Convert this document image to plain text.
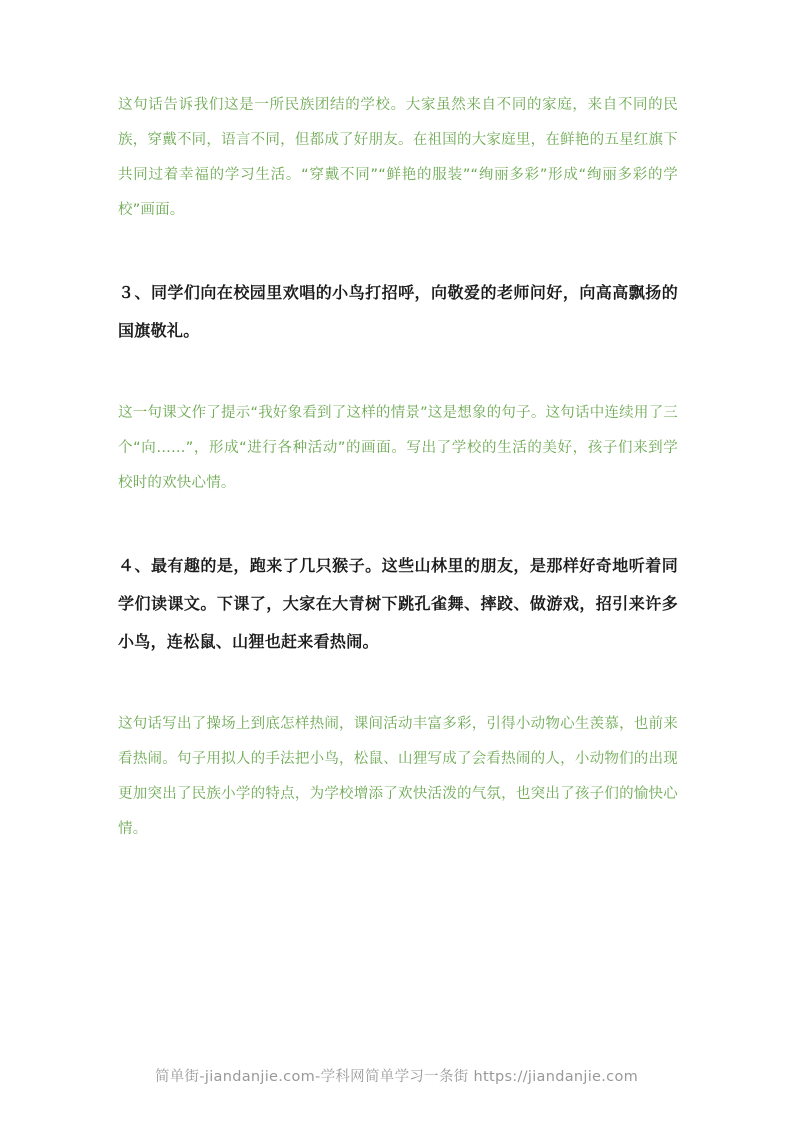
这句话告诉我们这是一所民族团结的学校。大家虽然来自不同的家庭，来自不同的民族，穿戴不同，语言不同，但都成了好朋友。在祖国的大家庭里，在鲜艳的五星红旗下共同过着幸福的学习生活。“穿戴不同”“鲜艳的服装”“绚丽多彩”形成“绚丽多彩的学校”画面。

３、同学们向在校园里欢唱的小鸟打招呼，向敬爱的老师问好，向高高飘扬的国旗敬礼。

这一句课文作了提示“我好象看到了这样的情景”这是想象的句子。这句话中连续用了三个“向……”，形成“进行各种活动”的画面。写出了学校的生活的美好，孩子们来到学校时的欢快心情。

４、最有趣的是，跑来了几只猴子。这些山林里的朋友，是那样好奇地听着同学们读课文。下课了，大家在大青树下跳孔雀舞、摔跤、做游戏，招引来许多小鸟，连松鼠、山狸也赶来看热闹。

这句话写出了操场上到底怎样热闹，课间活动丰富多彩，引得小动物心生羡慕，也前来看热闹。句子用拟人的手法把小鸟，松鼠、山狸写成了会看热闹的人，小动物们的出现更加突出了民族小学的特点，为学校增添了欢快活泼的气氛，也突出了孩子们的愉快心情。

简单街-jiandanjie.com-学科网简单学习一条街 https://jiandanjie.com
